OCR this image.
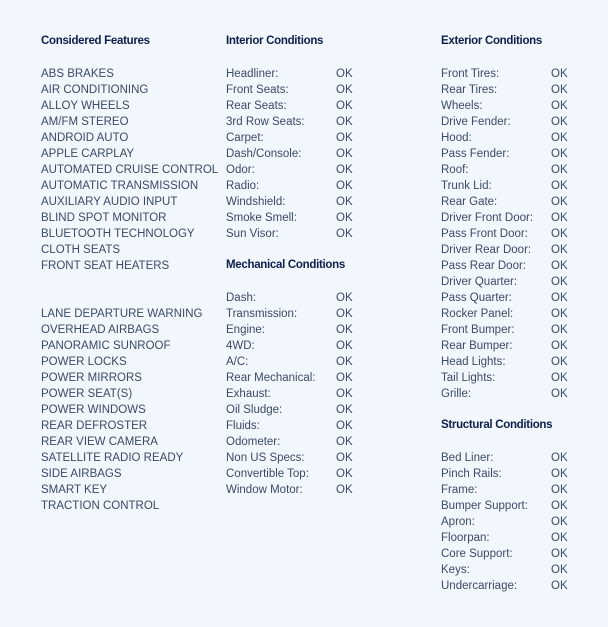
Considered Features
ABS BRAKES
AIR CONDITIONING
ALLOY WHEELS
AM/FM STEREO
ANDROID AUTO
APPLE CARPLAY
AUTOMATED CRUISE CONTROL
AUTOMATIC TRANSMISSION
AUXILIARY AUDIO INPUT
BLIND SPOT MONITOR
BLUETOOTH TECHNOLOGY
CLOTH SEATS
FRONT SEAT HEATERS
LANE DEPARTURE WARNING
OVERHEAD AIRBAGS
PANORAMIC SUNROOF
POWER LOCKS
POWER MIRRORS
POWER SEAT(S)
POWER WINDOWS
REAR DEFROSTER
REAR VIEW CAMERA
SATELLITE RADIO READY
SIDE AIRBAGS
SMART KEY
TRACTION CONTROL
Interior Conditions
Headliner:	OK
Front Seats:	OK
Rear Seats:	OK
3rd Row Seats:	OK
Carpet:	OK
Dash/Console:	OK
Odor:	OK
Radio:	OK
Windshield:	OK
Smoke Smell:	OK
Sun Visor:	OK
Mechanical Conditions
Dash:	OK
Transmission:	OK
Engine:	OK
4WD:	OK
A/C:	OK
Rear Mechanical: OK
Exhaust:	OK
Oil Sludge:	OK
Fluids:	OK
Odometer:	OK
Non US Specs:	OK
Convertible Top: OK
Window Motor:	OK
Exterior Conditions
Front Tires:	OK
Rear Tires:	OK
Wheels:	OK
Drive Fender:	OK
Hood:	OK
Pass Fender:	OK
Roof:	OK
Trunk Lid:	OK
Rear Gate:	OK
Driver Front Door: OK
Pass Front Door: OK
Driver Rear Door: OK
Pass Rear Door: OK
Driver Quarter:	OK
Pass Quarter:	OK
Rocker Panel:	OK
Front Bumper:	OK
Rear Bumper:	OK
Head Lights:	OK
Tail Lights:	OK
Grille:	OK
Structural Conditions
Bed Liner:	OK
Pinch Rails:	OK
Frame:	OK
Bumper Support: OK
Apron:	OK
Floorpan:	OK
Core Support:	OK
Keys:	OK
Undercarriage:	OK
